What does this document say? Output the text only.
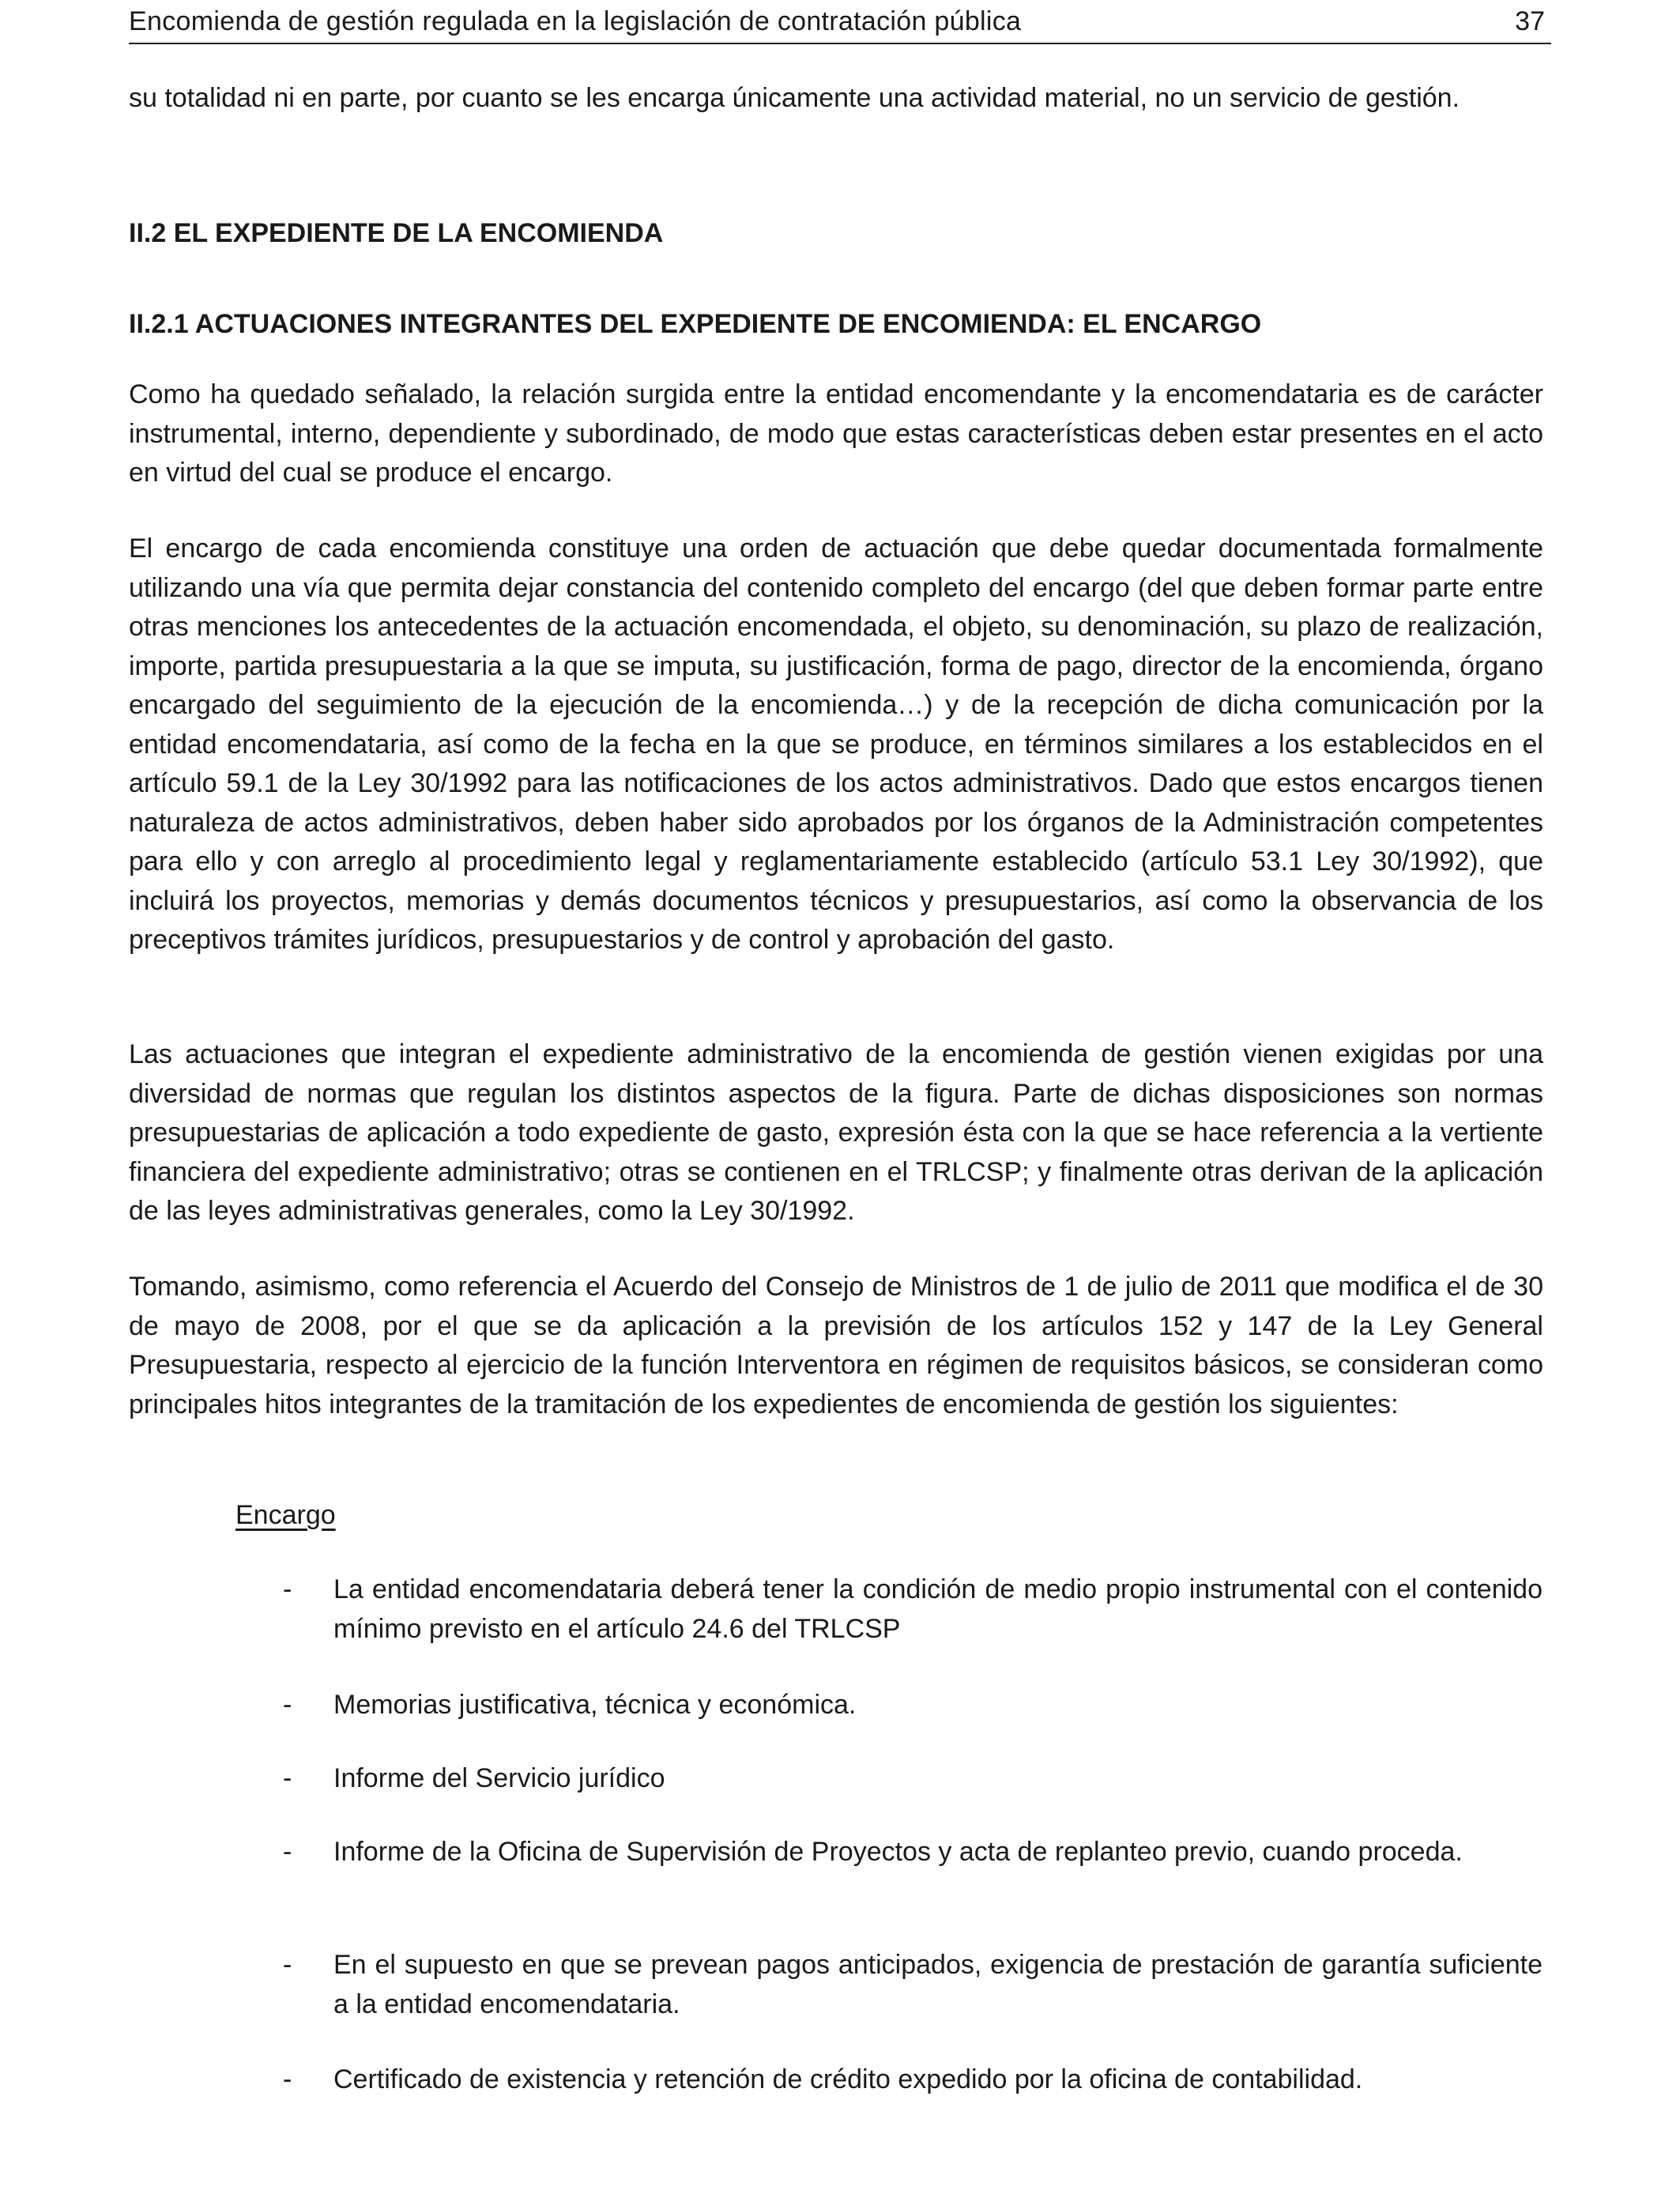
Encomienda de gestión regulada en la legislación de contratación pública	37

su totalidad ni en parte, por cuanto se les encarga únicamente una actividad material, no un servicio de gestión.

II.2 EL EXPEDIENTE DE LA ENCOMIENDA
II.2.1 ACTUACIONES INTEGRANTES DEL EXPEDIENTE DE ENCOMIENDA: EL ENCARGO

Como ha quedado señalado, la relación surgida entre la entidad encomendante y la encomendataria es de carácter instrumental, interno, dependiente y subordinado, de modo que estas características deben estar presentes en el acto en virtud del cual se produce el encargo.

El encargo de cada encomienda constituye una orden de actuación que debe quedar documentada formalmente utilizando una vía que permita dejar constancia del contenido completo del encargo (del que deben formar parte entre otras menciones los antecedentes de la actuación encomendada, el objeto, su denominación, su plazo de realización, importe, partida presupuestaria a la que se imputa, su justificación, forma de pago, director de la encomienda, órgano encargado del seguimiento de la ejecución de la encomienda…) y de la recepción de dicha comunicación por la entidad encomendataria, así como de la fecha en la que se produce, en términos similares a los establecidos en el artículo 59.1 de la Ley 30/1992 para las notificaciones de los actos administrativos. Dado que estos encargos tienen naturaleza de actos administrativos, deben haber sido aprobados por los órganos de la Administración competentes para ello y con arreglo al procedimiento legal y reglamentariamente establecido (artículo 53.1 Ley 30/1992), que incluirá los proyectos, memorias y demás documentos técnicos y presupuestarios, así como la observancia de los preceptivos trámites jurídicos, presupuestarios y de control y aprobación del gasto.

Las actuaciones que integran el expediente administrativo de la encomienda de gestión vienen exigidas por una diversidad de normas que regulan los distintos aspectos de la figura. Parte de dichas disposiciones son normas presupuestarias de aplicación a todo expediente de gasto, expresión ésta con la que se hace referencia a la vertiente financiera del expediente administrativo; otras se contienen en el TRLCSP; y finalmente otras derivan de la aplicación de las leyes administrativas generales, como la Ley 30/1992.

Tomando, asimismo, como referencia el Acuerdo del Consejo de Ministros de 1 de julio de 2011 que modifica el de 30 de mayo de 2008, por el que se da aplicación a la previsión de los artículos 152 y 147 de la Ley General Presupuestaria, respecto al ejercicio de la función Interventora en régimen de requisitos básicos, se consideran como principales hitos integrantes de la tramitación de los expedientes de encomienda de gestión los siguientes:

Encargo
-	La entidad encomendataria deberá tener la condición de medio propio instrumental con el contenido mínimo previsto en el artículo 24.6 del TRLCSP
-	Memorias justificativa, técnica y económica.
-	Informe del Servicio jurídico
-	Informe de la Oficina de Supervisión de Proyectos y acta de replanteo previo, cuando proceda.
-	En el supuesto en que se prevean pagos anticipados, exigencia de prestación de garantía suficiente a la entidad encomendataria.
-	Certificado de existencia y retención de crédito expedido por la oficina de contabilidad.
